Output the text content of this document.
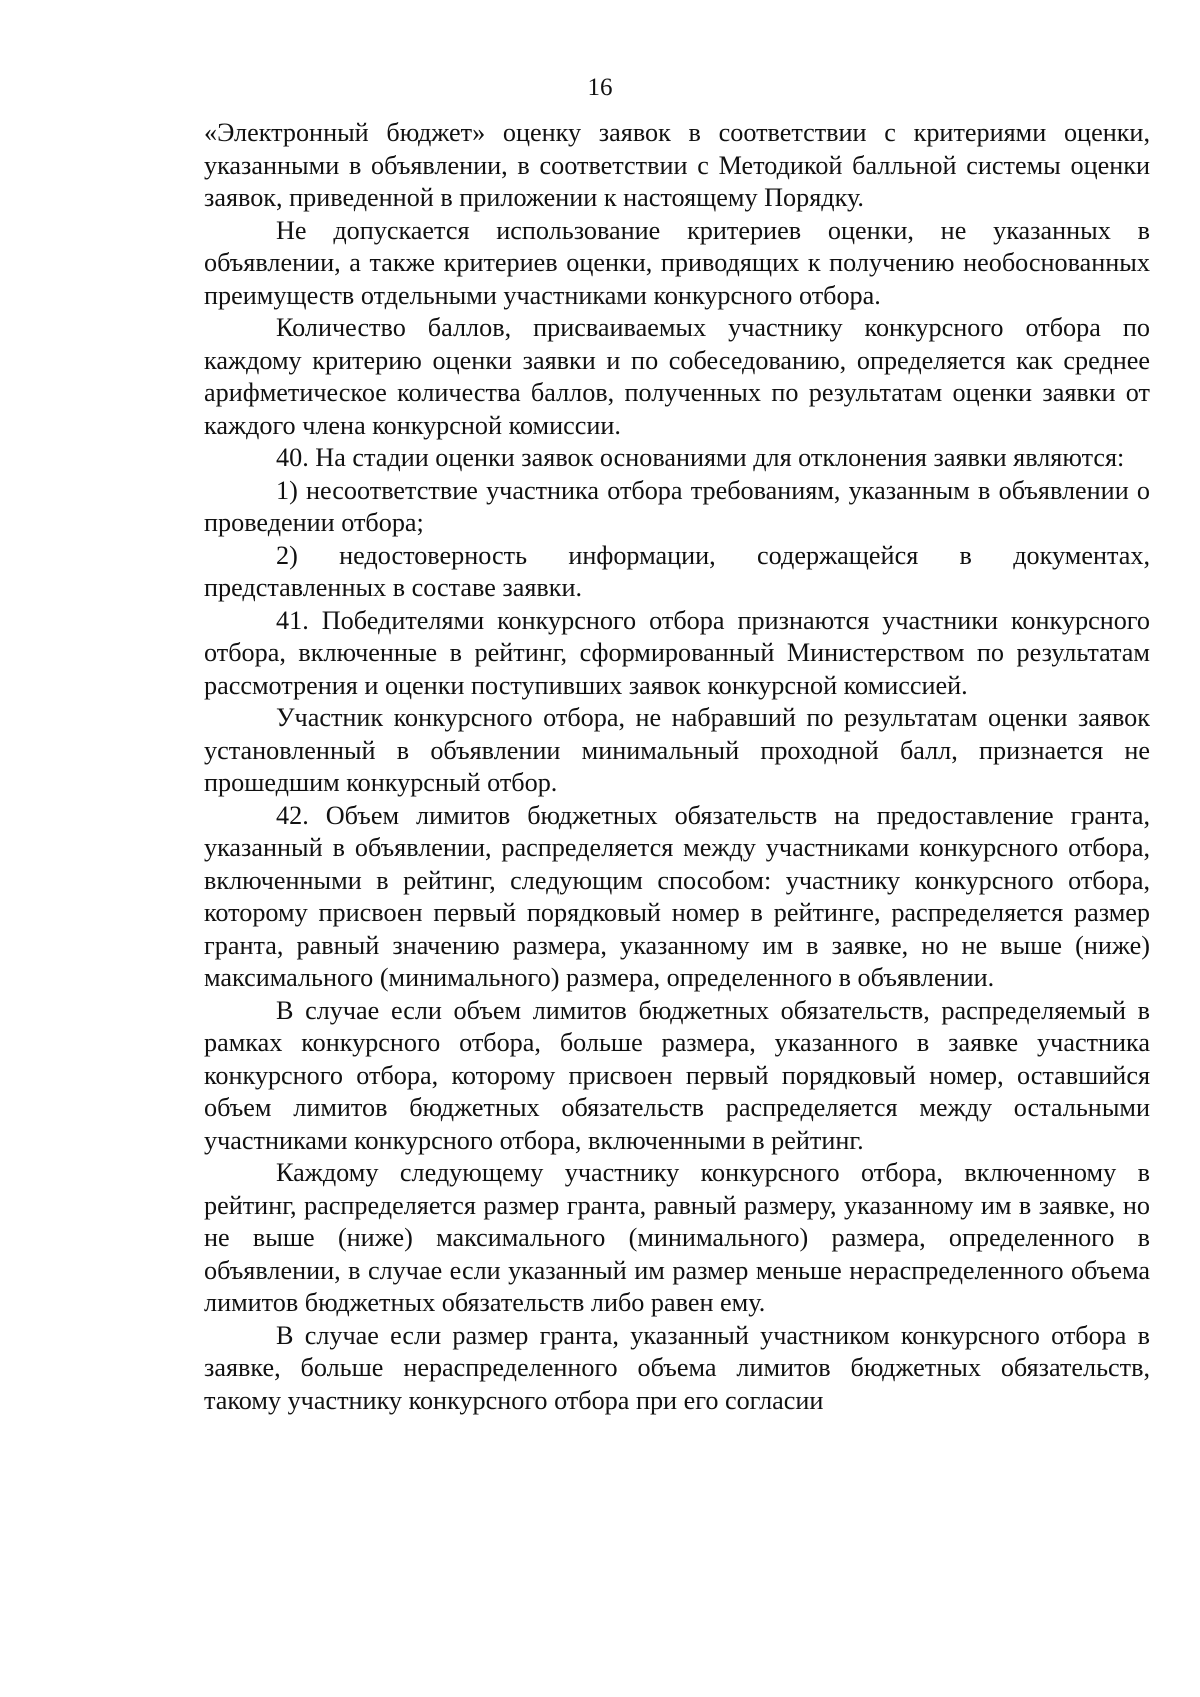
16

«Электронный бюджет» оценку заявок в соответствии с критериями оценки, указанными в объявлении, в соответствии с Методикой балльной системы оценки заявок, приведенной в приложении к настоящему Порядку.

Не допускается использование критериев оценки, не указанных в объявлении, а также критериев оценки, приводящих к получению необоснованных преимуществ отдельными участниками конкурсного отбора.

Количество баллов, присваиваемых участнику конкурсного отбора по каждому критерию оценки заявки и по собеседованию, определяется как среднее арифметическое количества баллов, полученных по результатам оценки заявки от каждого члена конкурсной комиссии.

40. На стадии оценки заявок основаниями для отклонения заявки являются:

1) несоответствие участника отбора требованиям, указанным в объявлении о проведении отбора;

2) недостоверность информации, содержащейся в документах, представленных в составе заявки.

41. Победителями конкурсного отбора признаются участники конкурсного отбора, включенные в рейтинг, сформированный Министерством по результатам рассмотрения и оценки поступивших заявок конкурсной комиссией.

Участник конкурсного отбора, не набравший по результатам оценки заявок установленный в объявлении минимальный проходной балл, признается не прошедшим конкурсный отбор.

42. Объем лимитов бюджетных обязательств на предоставление гранта, указанный в объявлении, распределяется между участниками конкурсного отбора, включенными в рейтинг, следующим способом: участнику конкурсного отбора, которому присвоен первый порядковый номер в рейтинге, распределяется размер гранта, равный значению размера, указанному им в заявке, но не выше (ниже) максимального (минимального) размера, определенного в объявлении.

В случае если объем лимитов бюджетных обязательств, распределяемый в рамках конкурсного отбора, больше размера, указанного в заявке участника конкурсного отбора, которому присвоен первый порядковый номер, оставшийся объем лимитов бюджетных обязательств распределяется между остальными участниками конкурсного отбора, включенными в рейтинг.

Каждому следующему участнику конкурсного отбора, включенному в рейтинг, распределяется размер гранта, равный размеру, указанному им в заявке, но не выше (ниже) максимального (минимального) размера, определенного в объявлении, в случае если указанный им размер меньше нераспределенного объема лимитов бюджетных обязательств либо равен ему.

В случае если размер гранта, указанный участником конкурсного отбора в заявке, больше нераспределенного объема лимитов бюджетных обязательств, такому участнику конкурсного отбора при его согласии
